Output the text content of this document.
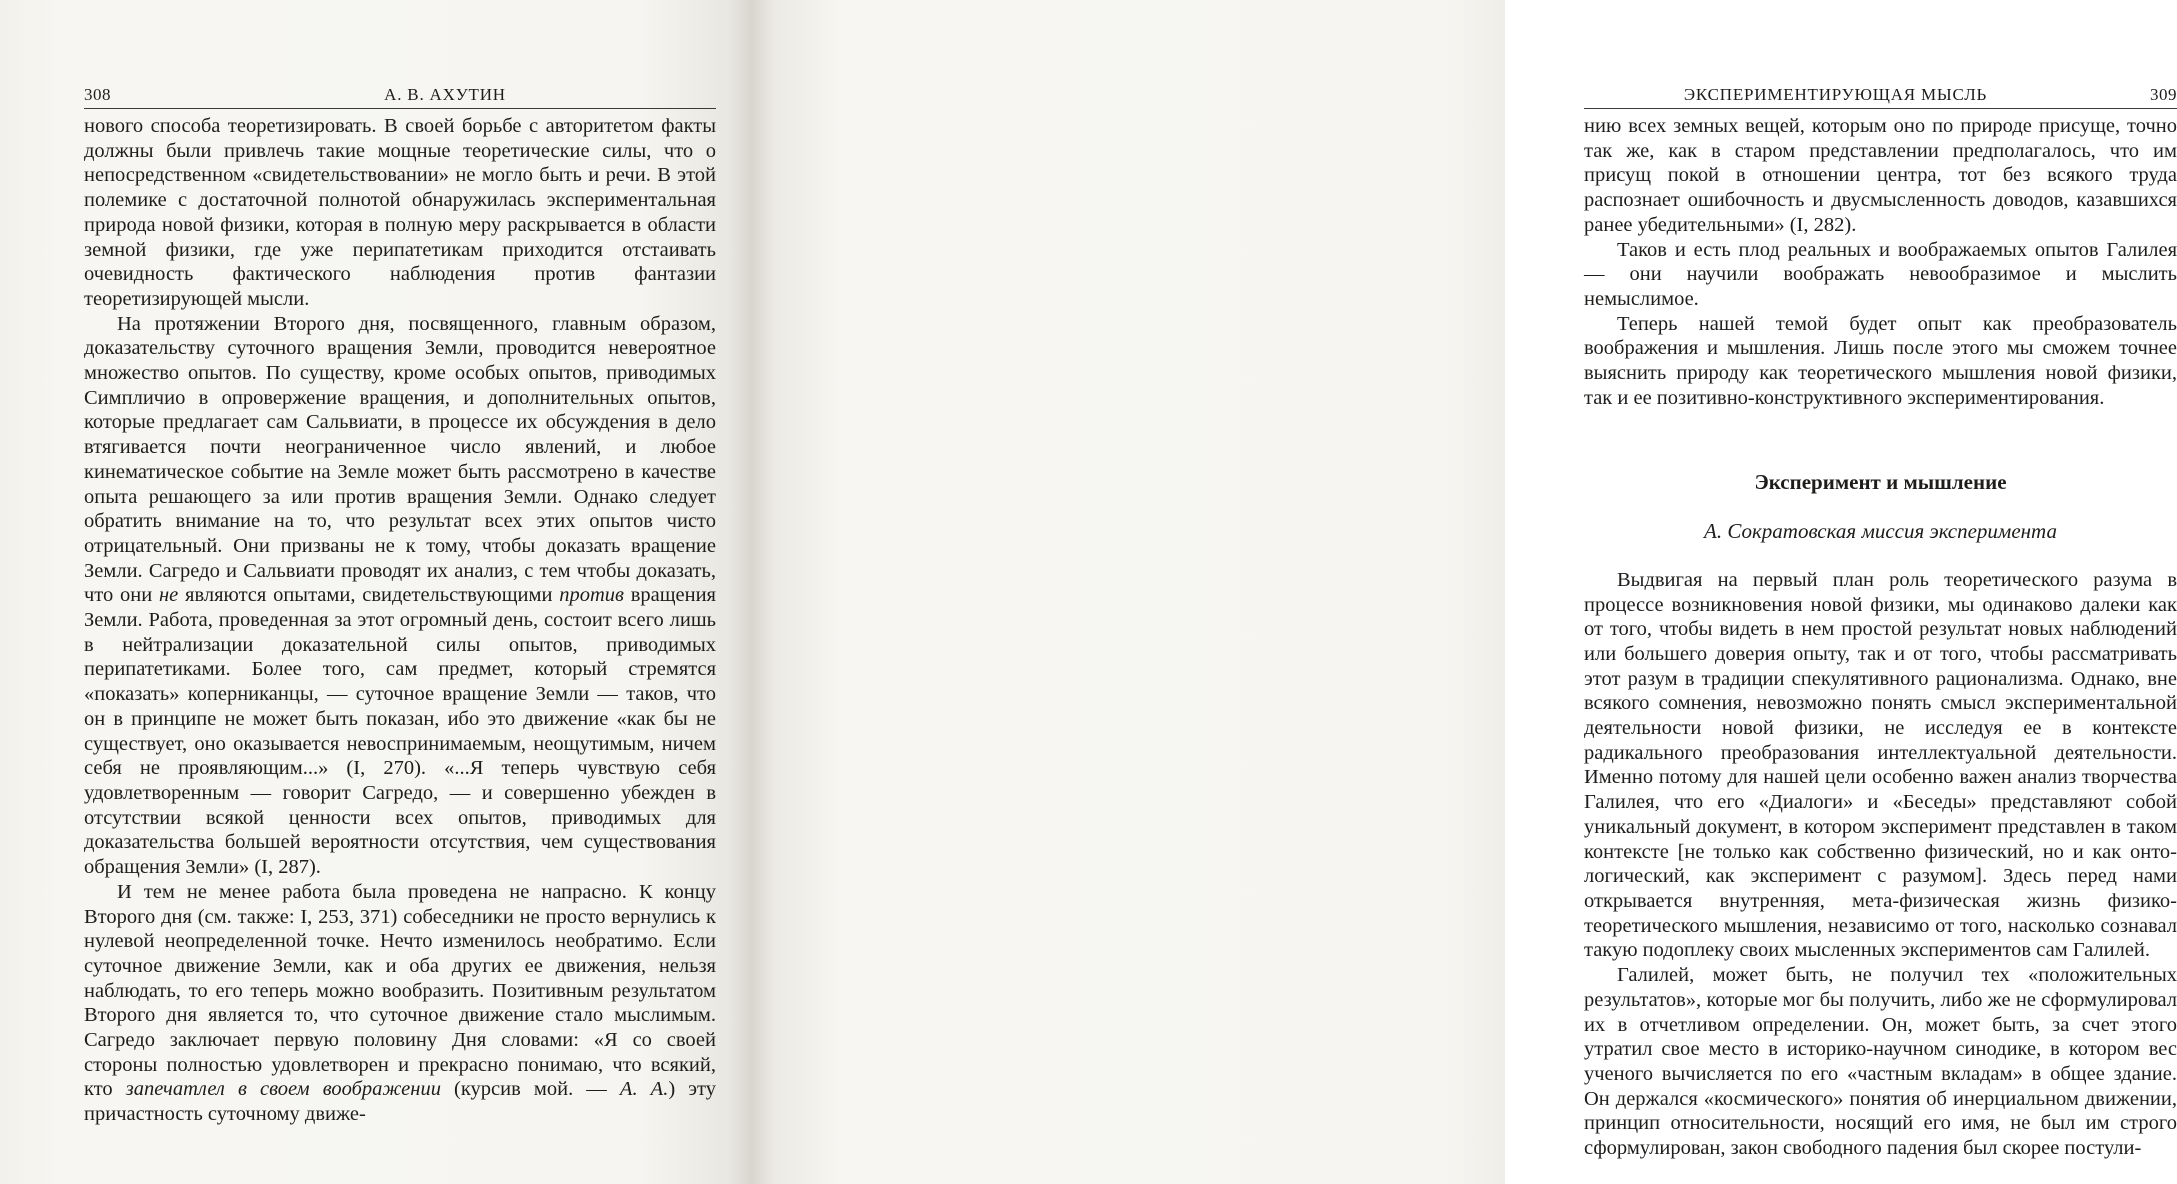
308	А. В. АХУТИН

нового способа теоретизировать. В своей борьбе с авторитетом факты должны были привлечь такие мощные теоретические силы, что о непосредственном «свидетельствовании» не могло быть и речи. В этой полемике с достаточной полнотой обнаружилась экспериментальная природа новой физики, которая в полную меру раскрывается в области земной физики, где уже перипатетикам приходится отстаивать очевидность фактического наблюдения против фантазии теоретизирующей мысли.

На протяжении Второго дня, посвященного, главным образом, доказательству суточного вращения Земли, проводится невероятное множество опытов. По существу, кроме особых опытов, приводимых Симпличио в опровержение вращения, и дополнительных опытов, которые предлагает сам Сальвиати, в процессе их обсуждения в дело втягивается почти неограниченное число явлений, и любое кинематическое событие на Земле может быть рассмотрено в качестве опыта решающего за или против вращения Земли. Однако следует обратить внимание на то, что результат всех этих опытов чисто отрицательный. Они призваны не к тому, чтобы доказать вращение Земли. Сагредо и Сальвиати проводят их анализ, с тем чтобы доказать, что они не являются опытами, свидетельствующими против вращения Земли. Работа, проведенная за этот огромный день, состоит всего лишь в нейтрализации доказательной силы опытов, приводимых перипатетиками. Более того, сам предмет, который стремятся «показать» коперниканцы, — суточное вращение Земли — таков, что он в принципе не может быть показан, ибо это движение «как бы не существует, оно оказывается невоспринимаемым, неощутимым, ничем себя не проявляющим...» (I, 270). «...Я теперь чувствую себя удовлетворенным — говорит Сагредо, — и совершенно убежден в отсутствии всякой ценности всех опытов, приводимых для доказательства большей вероятности отсутствия, чем существования обращения Земли» (I, 287).

И тем не менее работа была проведена не напрасно. К концу Второго дня (см. также: I, 253, 371) собеседники не просто вернулись к нулевой неопределенной точке. Нечто изменилось необратимо. Если суточное движение Земли, как и оба других ее движения, нельзя наблюдать, то его теперь можно вообразить. Позитивным результатом Второго дня является то, что суточное движение стало мыслимым. Сагредо заключает первую половину Дня словами: «Я со своей стороны полностью удовлетворен и прекрасно понимаю, что всякий, кто запечатлел в своем воображении (курсив мой. — А. А.) эту причастность суточному движе-

ЭКСПЕРИМЕНТИРУЮЩАЯ МЫСЛЬ	309

нию всех земных вещей, которым оно по природе присуще, точно так же, как в старом представлении предполагалось, что им присущ покой в отношении центра, тот без всякого труда распознает ошибочность и двусмысленность доводов, казавшихся ранее убедительными» (I, 282).

Таков и есть плод реальных и воображаемых опытов Галилея — они научили воображать невообразимое и мыслить немыслимое.

Теперь нашей темой будет опыт как преобразователь воображения и мышления. Лишь после этого мы сможем точнее выяснить природу как теоретического мышления новой физики, так и ее позитивно-конструктивного экспериментирования.

Эксперимент и мышление
А. Сократовская миссия эксперимента

Выдвигая на первый план роль теоретического разума в процессе возникновения новой физики, мы одинаково далеки как от того, чтобы видеть в нем простой результат новых наблюдений или большего доверия опыту, так и от того, чтобы рассматривать этот разум в традиции спекулятивного рационализма. Однако, вне всякого сомнения, невозможно понять смысл экспериментальной деятельности новой физики, не исследуя ее в контексте радикального преобразования интеллектуальной деятельности. Именно потому для нашей цели особенно важен анализ творчества Галилея, что его «Диалоги» и «Беседы» представляют собой уникальный документ, в котором эксперимент представлен в таком контексте [не только как собственно физический, но и как онто-логический, как эксперимент с разумом]. Здесь перед нами открывается внутренняя, мета-физическая жизнь физико-теоретического мышления, независимо от того, насколько сознавал такую подоплеку своих мысленных экспериментов сам Галилей.

Галилей, может быть, не получил тех «положительных результатов», которые мог бы получить, либо же не сформулировал их в отчетливом определении. Он, может быть, за счет этого утратил свое место в историко-научном синодике, в котором вес ученого вычисляется по его «частным вкладам» в общее здание. Он держался «космического» понятия об инерциальном движении, принцип относительности, носящий его имя, не был им строго сформулирован, закон свободного падения был скорее постули-
